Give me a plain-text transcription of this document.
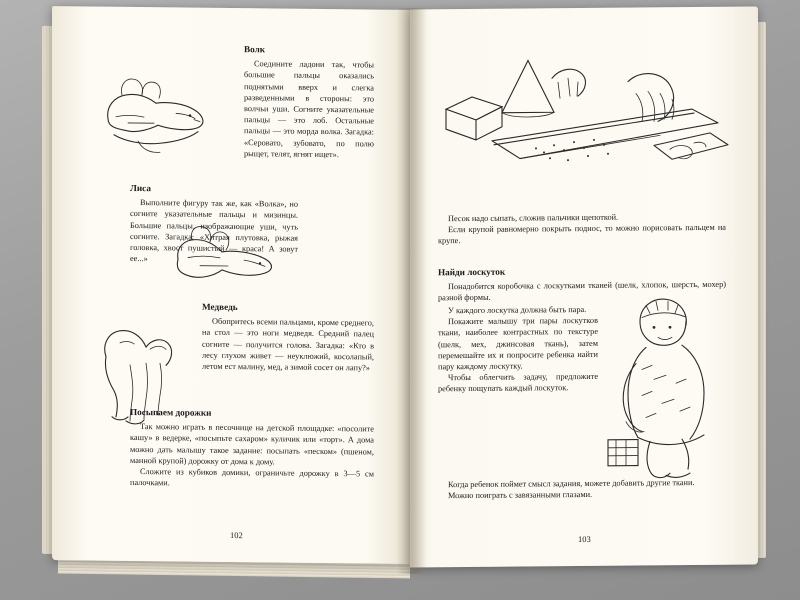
Волк

Соедините ладони так, чтобы большие пальцы оказались поднятыми вверх и слегка разведенными в стороны: это волчьи уши. Согните указательные пальцы — это лоб. Остальные пальцы — это морда волка. Загадка: «Серовато, зубовато, по полю рыщет, телят, ягнят ищет».

Лиса

Выполните фигуру так же, как «Волка», но согните указательные пальцы и мизинцы. Большие пальцы, изображающие уши, чуть согните. Загадка: «Хитрая плутовка, рыжая головка, хвост пушистый — краса! А зовут ее...»

Медведь

Обопритесь всеми пальцами, кроме среднего, на стол — это ноги медведя. Средний палец согните — получится голова. Загадка: «Кто в лесу глухом живет — неуклюжий, косолапый, летом ест малину, мед, а зимой сосет он лапу?»

Посыпаем дорожки

Так можно играть в песочнице на детской площадке: «посолите кашу» в ведерке, «посыпьте сахаром» куличик или «торт». А дома можно дать малышу такое задание: посыпать «песком» (пшеном, манной крупой) дорожку от дома к дому.

Сложите из кубиков домики, ограничьте дорожку в 3—5 см палочками.

102

Песок надо сыпать, сложив пальчики щепоткой.

Если крупой равномерно покрыть поднос, то можно порисовать пальцем на крупе.

Найди лоскуток

Понадобится коробочка с лоскутками тканей (шелк, хлопок, шерсть, мохер) разной формы.

У каждого лоскутка должна быть пара.

Покажите малышу три пары лоскутков ткани, наиболее контрастных по текстуре (шелк, мех, джинсовая ткань), затем перемешайте их и попросите ребенка найти пару каждому лоскутку.

Чтобы облегчить задачу, предложите ребенку пощупать каждый лоскуток.

Когда ребенок поймет смысл задания, можете добавить другие ткани.

Можно поиграть с завязанными глазами.

103
